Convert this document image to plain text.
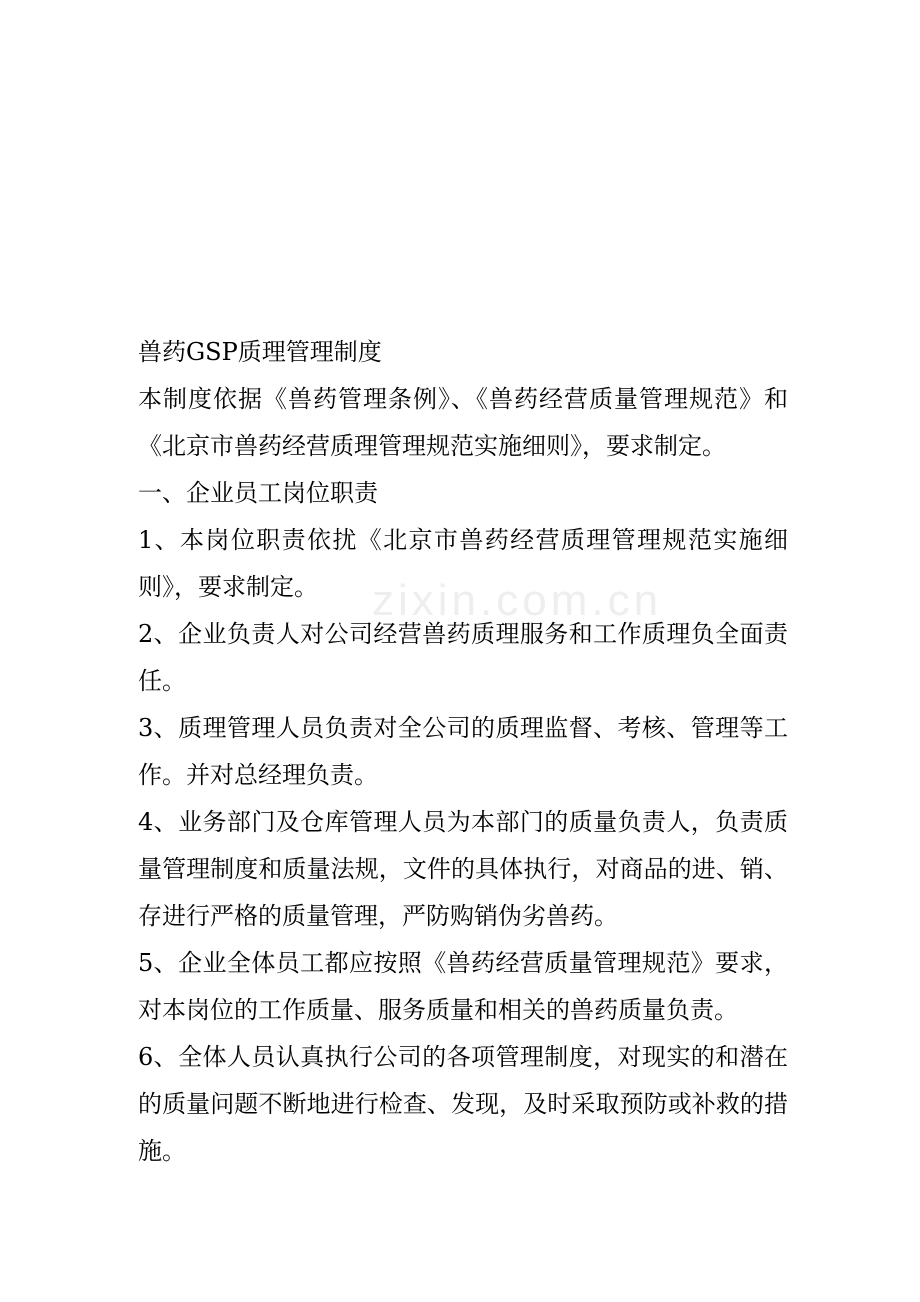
zixin.com.cn

兽药GSP质理管理制度

本制度依据《兽药管理条例》、《兽药经营质量管理规范》和《北京市兽药经营质理管理规范实施细则》，要求制定。

一、企业员工岗位职责

1、本岗位职责依扰《北京市兽药经营质理管理规范实施细则》，要求制定。

2、企业负责人对公司经营兽药质理服务和工作质理负全面责任。

3、质理管理人员负责对全公司的质理监督、考核、管理等工作。并对总经理负责。

4、业务部门及仓库管理人员为本部门的质量负责人，负责质量管理制度和质量法规，文件的具体执行，对商品的进、销、存进行严格的质量管理，严防购销伪劣兽药。

5、企业全体员工都应按照《兽药经营质量管理规范》要求，对本岗位的工作质量、服务质量和相关的兽药质量负责。

6、全体人员认真执行公司的各项管理制度，对现实的和潜在的质量问题不断地进行检查、发现，及时采取预防或补救的措施。
